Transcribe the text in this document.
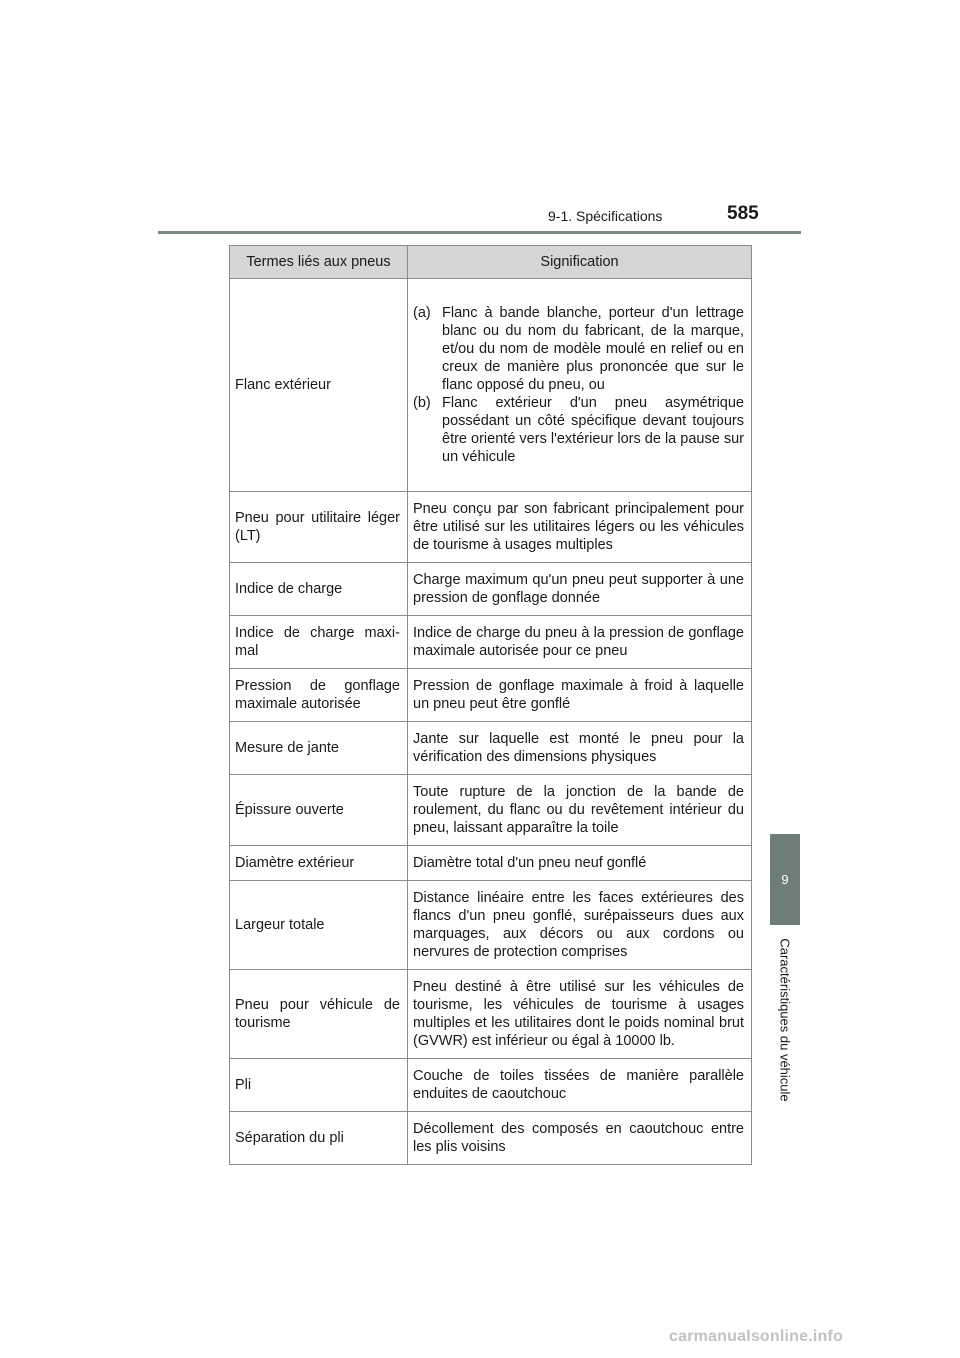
9-1. Spécifications	585
9
Caractéristiques du véhicule
Termes liés aux pneus	Signification
Flanc extérieur	(a) Flanc à bande blanche, porteur d'un lettrage blanc ou du nom du fabricant, de la marque, et/ou du nom de modèle moulé en relief ou en creux de manière plus prononcée que sur le flanc opposé du pneu, ou
(b) Flanc extérieur d'un pneu asymétrique possédant un côté spécifique devant toujours être orienté vers l'extérieur lors de la pause sur un véhicule

Pneu pour utilitaire léger (LT)	Pneu conçu par son fabricant principalement pour être utilisé sur les utilitaires légers ou les véhicules de tourisme à usages multiples
Indice de charge	Charge maximum qu'un pneu peut supporter à une pression de gonflage donnée
Indice de charge maximal	Indice de charge du pneu à la pression de gonflage maximale autorisée pour ce pneu
Pression de gonflage maximale autorisée	Pression de gonflage maximale à froid à laquelle un pneu peut être gonflé
Mesure de jante	Jante sur laquelle est monté le pneu pour la vérification des dimensions physiques
Épissure ouverte	Toute rupture de la jonction de la bande de roulement, du flanc ou du revêtement intérieur du pneu, laissant apparaître la toile
Diamètre extérieur	Diamètre total d'un pneu neuf gonflé
Largeur totale	Distance linéaire entre les faces extérieures des flancs d'un pneu gonflé, surépaisseurs dues aux marquages, aux décors ou aux cordons ou nervures de protection comprises
Pneu pour véhicule de tourisme	Pneu destiné à être utilisé sur les véhicules de tourisme, les véhicules de tourisme à usages multiples et les utilitaires dont le poids nominal brut (GVWR) est inférieur ou égal à 10000 lb.
Pli	Couche de toiles tissées de manière parallèle enduites de caoutchouc
Séparation du pli	Décollement des composés en caoutchouc entre les plis voisins
carmanualsonline.info
